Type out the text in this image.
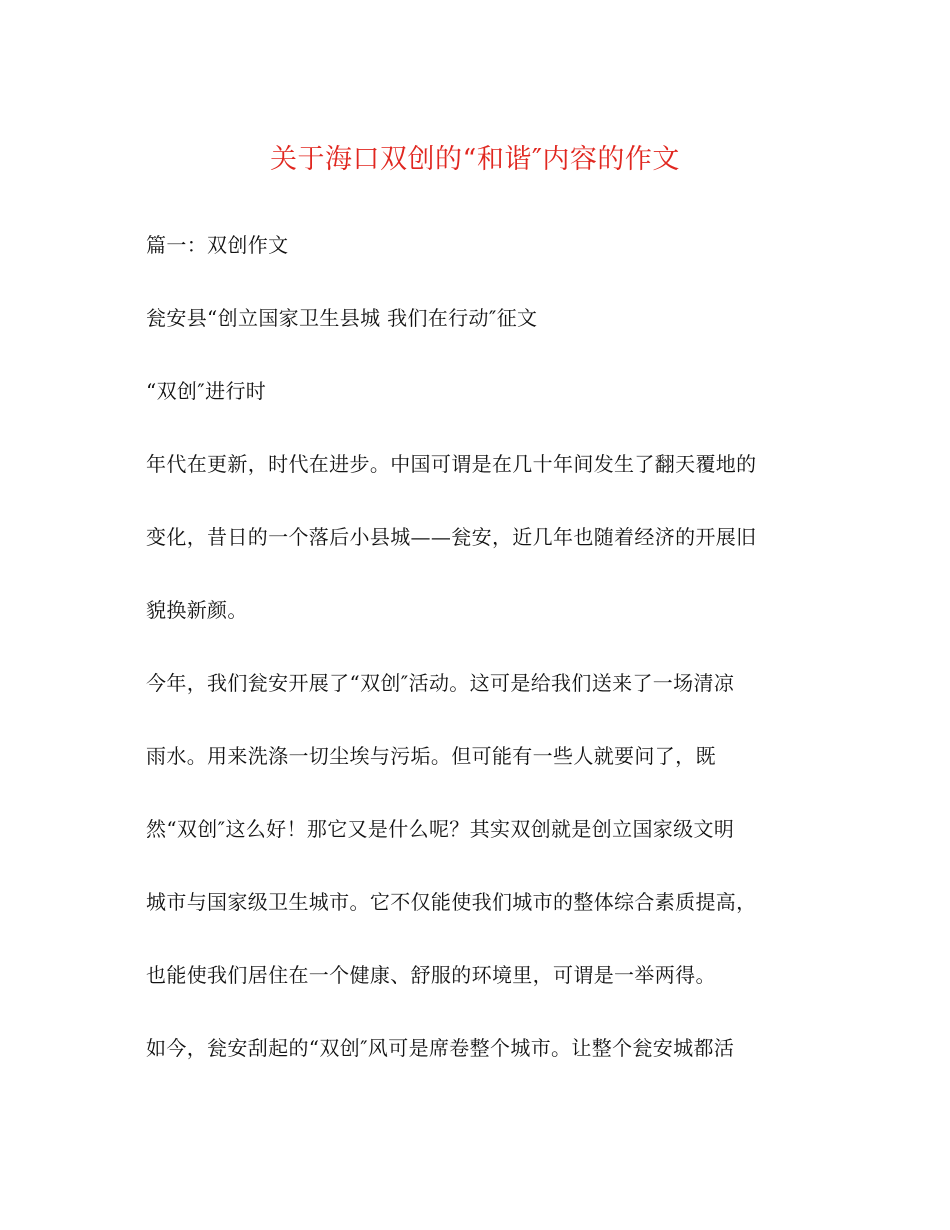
关于海口双创的“和谐″内容的作文
篇一：双创作文
瓮安县“创立国家卫生县城 我们在行动″征文
“双创″进行时
年代在更新，时代在进步。中国可谓是在几十年间发生了翻天覆地的
变化，昔日的一个落后小县城——瓮安，近几年也随着经济的开展旧
貌换新颜。
今年，我们瓮安开展了“双创″活动。这可是给我们送来了一场清凉
雨水。用来洗涤一切尘埃与污垢。但可能有一些人就要问了，既
然“双创″这么好！那它又是什么呢？其实双创就是创立国家级文明
城市与国家级卫生城市。它不仅能使我们城市的整体综合素质提高，
也能使我们居住在一个健康、舒服的环境里，可谓是一举两得。
如今，瓮安刮起的“双创″风可是席卷整个城市。让整个瓮安城都活
